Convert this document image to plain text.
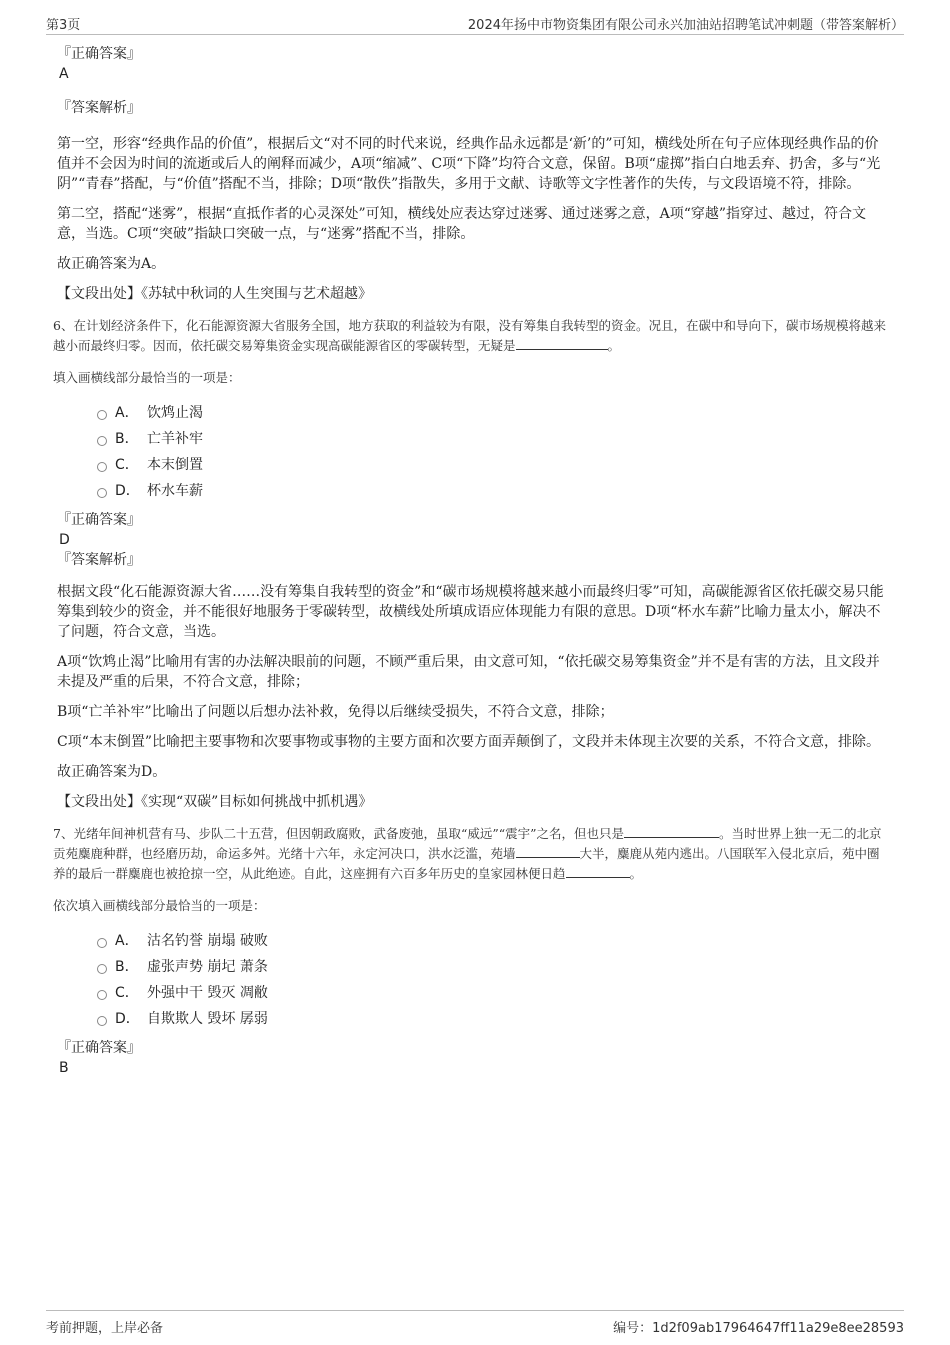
第3页	2024年扬中市物资集团有限公司永兴加油站招聘笔试冲刺题（带答案解析）
『正确答案』
A
『答案解析』
第一空，形容“经典作品的价值”，根据后文“对不同的时代来说，经典作品永远都是‘新’的”可知，横线处所在句子应体现经典作品的价值并不会因为时间的流逝或后人的阐释而减少，A项“缩减”、C项“下降”均符合文意，保留。B项“虚掷”指白白地丢弃、扔舍，多与“光阴”“青春”搭配，与“价值”搭配不当，排除；D项“散佚”指散失，多用于文献、诗歌等文字性著作的失传，与文段语境不符，排除。
第二空，搭配“迷雾”，根据“直抵作者的心灵深处”可知，横线处应表达穿过迷雾、通过迷雾之意，A项“穿越”指穿过、越过，符合文意，当选。C项“突破”指缺口突破一点，与“迷雾”搭配不当，排除。
故正确答案为A。
【文段出处】《苏轼中秋词的人生突围与艺术超越》
6、在计划经济条件下，化石能源资源大省服务全国，地方获取的利益较为有限，没有筹集自我转型的资金。况且，在碳中和导向下，碳市场规模将越来越小而最终归零。因而，依托碳交易筹集资金实现高碳能源省区的零碳转型，无疑是	。
填入画横线部分最恰当的一项是：
A． 饮鸩止渴
B． 亡羊补牢
C． 本末倒置
D． 杯水车薪
『正确答案』
D
『答案解析』
根据文段“化石能源资源大省……没有筹集自我转型的资金”和“碳市场规模将越来越小而最终归零”可知，高碳能源省区依托碳交易只能筹集到较少的资金，并不能很好地服务于零碳转型，故横线处所填成语应体现能力有限的意思。D项“杯水车薪”比喻力量太小，解决不了问题，符合文意，当选。
A项“饮鸩止渴”比喻用有害的办法解决眼前的问题，不顾严重后果，由文意可知，“依托碳交易筹集资金”并不是有害的方法，且文段并未提及严重的后果，不符合文意，排除；
B项“亡羊补牢”比喻出了问题以后想办法补救，免得以后继续受损失，不符合文意，排除；
C项“本末倒置”比喻把主要事物和次要事物或事物的主要方面和次要方面弄颠倒了，文段并未体现主次要的关系，不符合文意，排除。
故正确答案为D。
【文段出处】《实现“双碳”目标如何挑战中抓机遇》
7、光绪年间神机营有马、步队二十五营，但因朝政腐败，武备废弛，虽取“威远”“震宇”之名，但也只是	。当时世界上独一无二的北京贡苑麋鹿种群，也经磨历劫，命运多舛。光绪十六年，永定河决口，洪水泛滥，苑墙	大半，麋鹿从苑内逃出。八国联军入侵北京后，苑中圈养的最后一群麋鹿也被抢掠一空，从此绝迹。自此，这座拥有六百多年历史的皇家园林便日趋	。
依次填入画横线部分最恰当的一项是：
A． 沽名钓誉 崩塌 破败
B． 虚张声势 崩圮 萧条
C． 外强中干 毁灭 凋敝
D． 自欺欺人 毁坏 孱弱
『正确答案』
B
考前押题，上岸必备	编号：1d2f09ab17964647ff11a29e8ee28593
